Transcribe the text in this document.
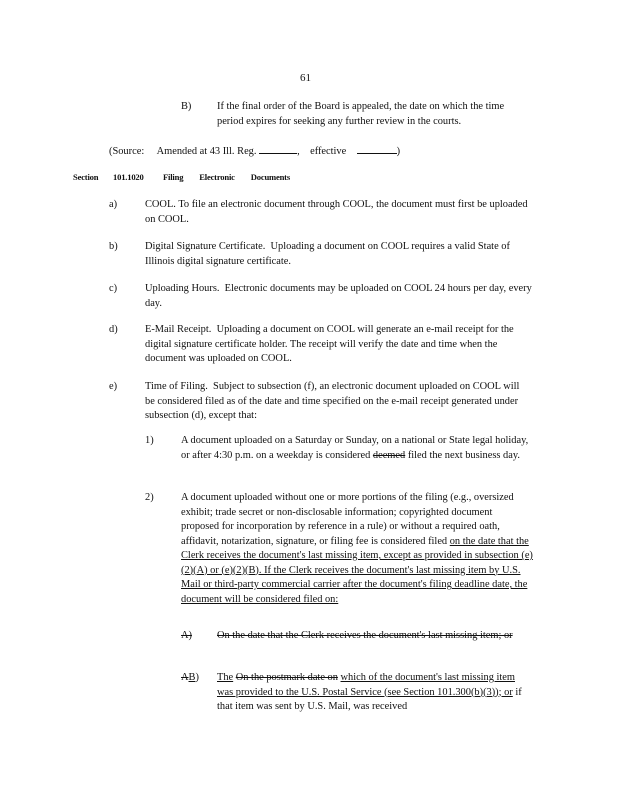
61
B) If the final order of the Board is appealed, the date on which the time period expires for seeking any further review in the courts.

(Source: Amended at 43 Ill. Reg.	, effective	)
Section 101.1020 Filing Electronic Documents
a)	COOL. To file an electronic document through COOL, the document must first be uploaded on COOL.

b)	Digital Signature Certificate. Uploading a document on COOL requires a valid State of Illinois digital signature certificate.

c)	Uploading Hours. Electronic documents may be uploaded on COOL 24 hours per day, every day.

d)	E-Mail Receipt. Uploading a document on COOL will generate an e-mail receipt for the digital signature certificate holder. The receipt will verify the date and time when the document was uploaded on COOL.

e)	Time of Filing. Subject to subsection (f), an electronic document uploaded on COOL will be considered filed as of the date and time specified on the e-mail receipt generated under subsection (d), except that:

1)	A document uploaded on a Saturday or Sunday, on a national or State legal holiday, or after 4:30 p.m. on a weekday is considered deemed filed the next business day.

2)	A document uploaded without one or more portions of the filing (e.g., oversized exhibit; trade secret or non-disclosable information; copyrighted document proposed for incorporation by reference in a rule) or without a required oath, affidavit, notarization, signature, or filing fee is considered filed on the date that the Clerk receives the document's last missing item, except as provided in subsection (e)(2)(A) or (e)(2)(B). If the Clerk receives the document's last missing item by U.S. Mail or third-party commercial carrier after the document's filing deadline date, the document will be considered filed on:

A) On the date that the Clerk receives the document's last missing item; or

AB) The On the postmark date on which of the document's last missing item was provided to the U.S. Postal Service (see Section 101.300(b)(3)); or if that item was sent by U.S. Mail, was received
